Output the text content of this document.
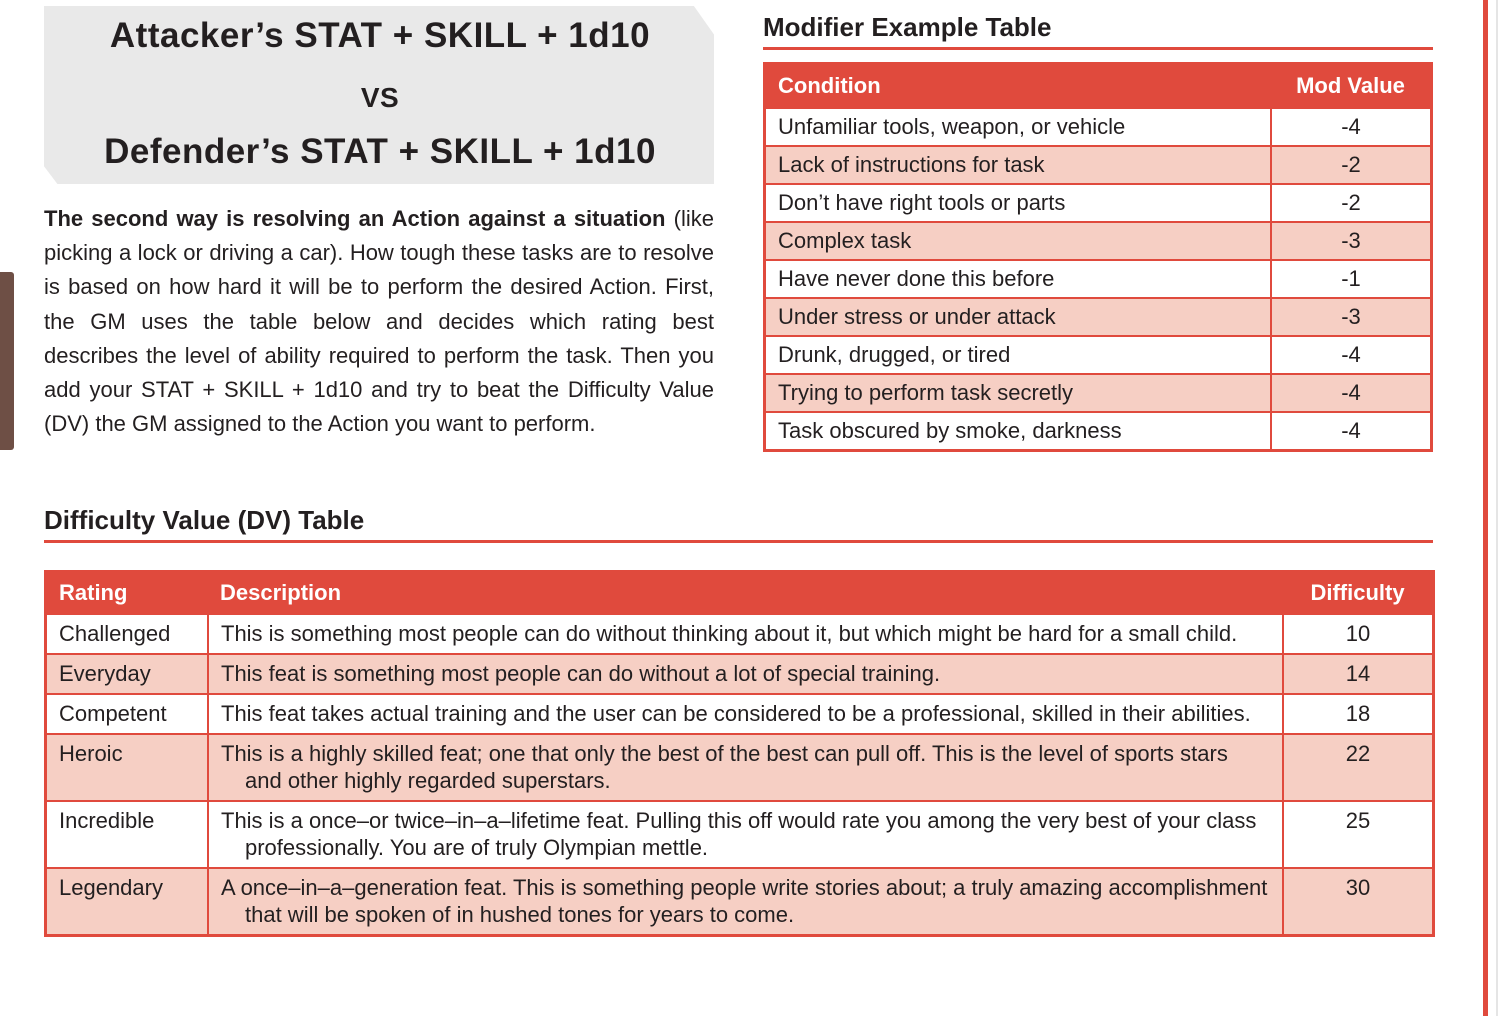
Attacker’s STAT + SKILL + 1d10
VS
Defender’s STAT + SKILL + 1d10
The second way is resolving an Action against a situation (like picking a lock or driving a car). How tough these tasks are to resolve is based on how hard it will be to perform the desired Action. First, the GM uses the table below and decides which rating best describes the level of ability required to perform the task. Then you add your STAT + SKILL + 1d10 and try to beat the Difficulty Value (DV) the GM assigned to the Action you want to perform.
Modifier Example Table
Condition	Mod Value
Unfamiliar tools, weapon, or vehicle	-4
Lack of instructions for task	-2
Don’t have right tools or parts	-2
Complex task	-3
Have never done this before	-1
Under stress or under attack	-3
Drunk, drugged, or tired	-4
Trying to perform task secretly	-4
Task obscured by smoke, darkness	-4
Difficulty Value (DV) Table
Rating	Description	Difficulty
Challenged	This is something most people can do without thinking about it, but which might be hard for a small child.	10
Everyday	This feat is something most people can do without a lot of special training.	14
Competent	This feat takes actual training and the user can be considered to be a professional, skilled in their abilities.	18
Heroic	This is a highly skilled feat; one that only the best of the best can pull off. This is the level of sports stars and other highly regarded superstars.	22
Incredible	This is a once–or twice–in–a–lifetime feat. Pulling this off would rate you among the very best of your class professionally. You are of truly Olympian mettle.	25
Legendary	A once–in–a–generation feat. This is something people write stories about; a truly amazing accomplishment that will be spoken of in hushed tones for years to come.	30
